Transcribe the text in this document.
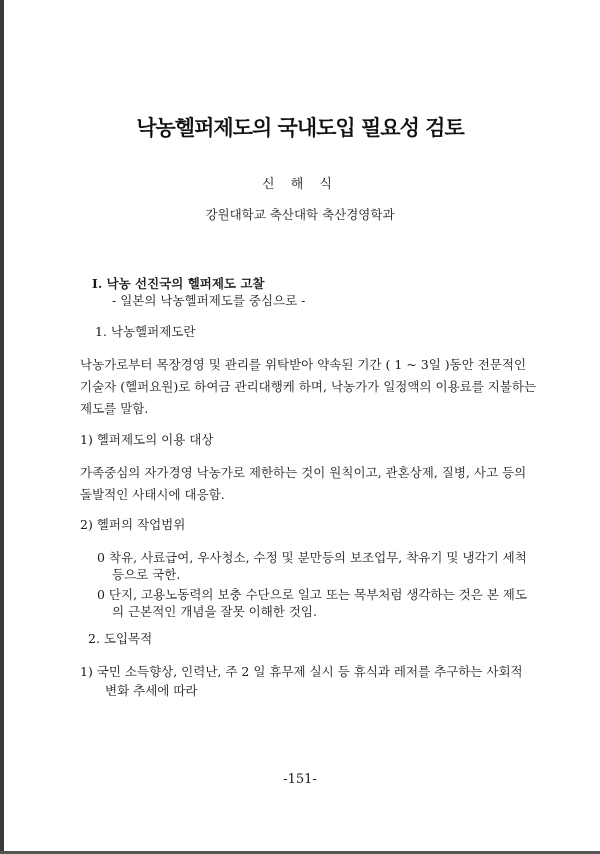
낙농헬퍼제도의 국내도입 필요성 검토
신 해 식
강원대학교 축산대학 축산경영학과
Ⅰ. 낙농 선진국의 헬퍼제도 고찰
- 일본의 낙농헬퍼제도를 중심으로 -
1. 낙농헬퍼제도란
낙농가로부터 목장경영 및 관리를 위탁받아 약속된 기간 ( 1 ~ 3일 )동안 전문적인
기술자 (헬퍼요원)로 하여금 관리대행케 하며, 낙농가가 일정액의 이용료를 지불하는
제도를 말함.
1) 헬퍼제도의 이용 대상
가족중심의 자가경영 낙농가로 제한하는 것이 원칙이고, 관혼상제, 질병, 사고 등의
돌발적인 사태시에 대응함.
2) 헬퍼의 작업범위
0 착유, 사료급여, 우사청소, 수정 및 분만등의 보조업무, 착유기 및 냉각기 세척
등으로 국한.
0 단지, 고용노동력의 보충 수단으로 일고 또는 목부처럼 생각하는 것은 본 제도
의 근본적인 개념을 잘못 이해한 것임.
2. 도입목적
1) 국민 소득향상, 인력난, 주 2 일 휴무제 실시 등 휴식과 레저를 추구하는 사회적
변화 추세에 따라
-151-
